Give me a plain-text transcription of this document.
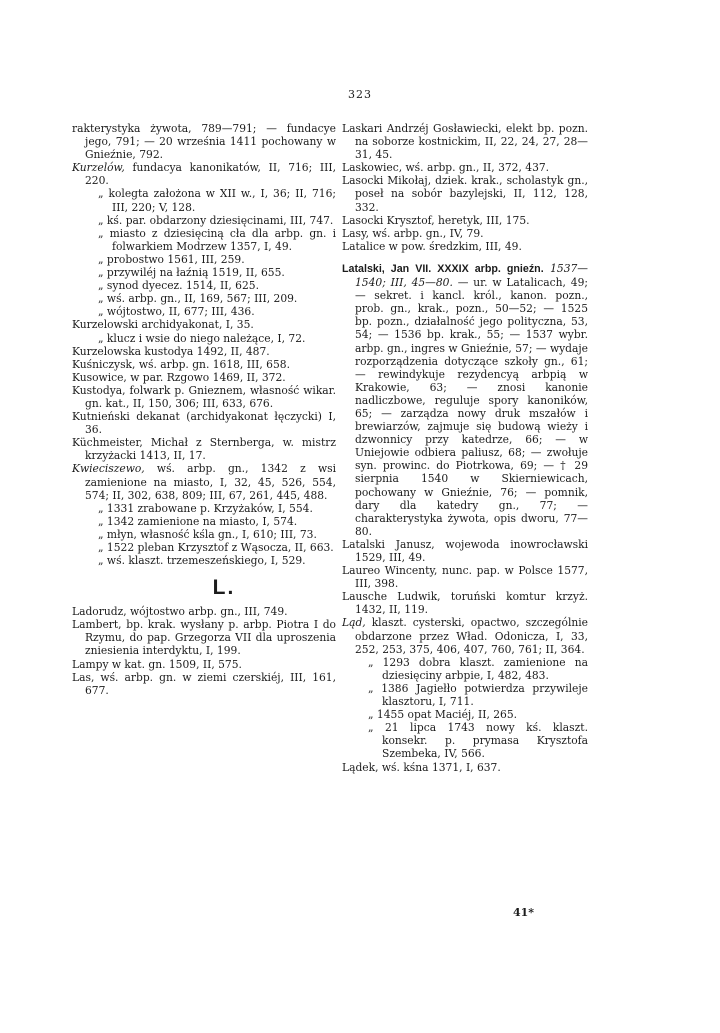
323
rakterystyka żywota, 789—791; — fundacye jego, 791; — 20 września 1411 pochowany w Gnieźnie, 792.
Kurzelów, fundacya kanonikatów, II, 716; III, 220.
„ kolegta założona w XII w., I, 36; II, 716; III, 220; V, 128.
„ kś. par. obdarzony dziesięcinami, III, 747.
„ miasto z dziesięciną cła dla arbp. gn. i folwarkiem Modrzew 1357, I, 49.
„ probostwo 1561, III, 259.
„ przywiléj na łaźnią 1519, II, 655.
„ synod dyecez. 1514, II, 625.
„ wś. arbp. gn., II, 169, 567; III, 209.
„ wójtostwo, II, 677; III, 436.
Kurzelowski archidyakonat, I, 35.
„ klucz i wsie do niego należące, I, 72.
Kurzelowska kustodya 1492, II, 487.
Kuśniczysk, wś. arbp. gn. 1618, III, 658.
Kusowice, w par. Rzgowo 1469, II, 372.
Kustodya, folwark p. Gnieznem, własność wikar. gn. kat., II, 150, 306; III, 633, 676.
Kutnieński dekanat (archidyakonat łęczycki) I, 36.
Küchmeister, Michał z Sternberga, w. mistrz krzyżacki 1413, II, 17.
Kwieciszewo, wś. arbp. gn., 1342 z wsi zamienione na miasto, I, 32, 45, 526, 554, 574; II, 302, 638, 809; III, 67, 261, 445, 488.
„ 1331 zrabowane p. Krzyżaków, I, 554.
„ 1342 zamienione na miasto, I, 574.
„ młyn, własność kśla gn., I, 610; III, 73.
„ 1522 pleban Krzysztof z Wąsocza, II, 663.
„ wś. klaszt. trzemeszeńskiego, I, 529.
L.
Ladorudz, wójtostwo arbp. gn., III, 749.
Lambert, bp. krak. wysłany p. arbp. Piotra I do Rzymu, do pap. Grzegorza VII dla uproszenia zniesienia interdyktu, I, 199.
Lampy w kat. gn. 1509, II, 575.
Las, wś. arbp. gn. w ziemi czerskiéj, III, 161, 677.
Laskari Andrzéj Gosławiecki, elekt bp. pozn. na soborze kostnickim, II, 22, 24, 27, 28—31, 45.
Laskowiec, wś. arbp. gn., II, 372, 437.
Lasocki Mikołaj, dziek. krak., scholastyk gn., poseł na sobór bazylejski, II, 112, 128, 332.
Lasocki Krysztof, heretyk, III, 175.
Lasy, wś. arbp. gn., IV, 79.
Latalice w pow. średzkim, III, 49.
Latalski, Jan VII. XXXIX arbp. gnieźn. 1537—1540; III, 45—80. — ur. w Latalicach, 49; — sekret. i kancl. król., kanon. pozn., prob. gn., krak., pozn., 50—52; — 1525 bp. pozn., działalność jego polityczna, 53, 54; — 1536 bp. krak., 55; — 1537 wybr. arbp. gn., ingres w Gnieźnie, 57; — wydaje rozporządzenia dotyczące szkoły gn., 61; — rewindykuje rezydencyą arbpią w Krakowie, 63; — znosi kanonie nadliczbowe, reguluje spory kanoników, 65; — zarządza nowy druk mszałów i brewiarzów, zajmuje się budową wieży i dzwonnicy przy katedrze, 66; — w Uniejowie odbiera paliusz, 68; — zwołuje syn. prowinc. do Piotrkowa, 69; — † 29 sierpnia 1540 w Skierniewicach, pochowany w Gnieźnie, 76; — pomnik, dary dla katedry gn., 77; — charakterystyka żywota, opis dworu, 77—80.
Latalski Janusz, wojewoda inowrocławski 1529, III, 49.
Laureo Wincenty, nunc. pap. w Polsce 1577, III, 398.
Lausche Ludwik, toruński komtur krzyż. 1432, II, 119.
Ląd, klaszt. cysterski, opactwo, szczególnie obdarzone przez Wład. Odonicza, I, 33, 252, 253, 375, 406, 407, 760, 761; II, 364.
„ 1293 dobra klaszt. zamienione na dziesięciny arbpie, I, 482, 483.
„ 1386 Jagiełło potwierdza przywileje klasztoru, I, 711.
„ 1455 opat Maciéj, II, 265.
„ 21 lipca 1743 nowy kś. klaszt. konsekr. p. prymasa Krysztofa Szembeka, IV, 566.
Lądek, wś. kśna 1371, I, 637.
41*
